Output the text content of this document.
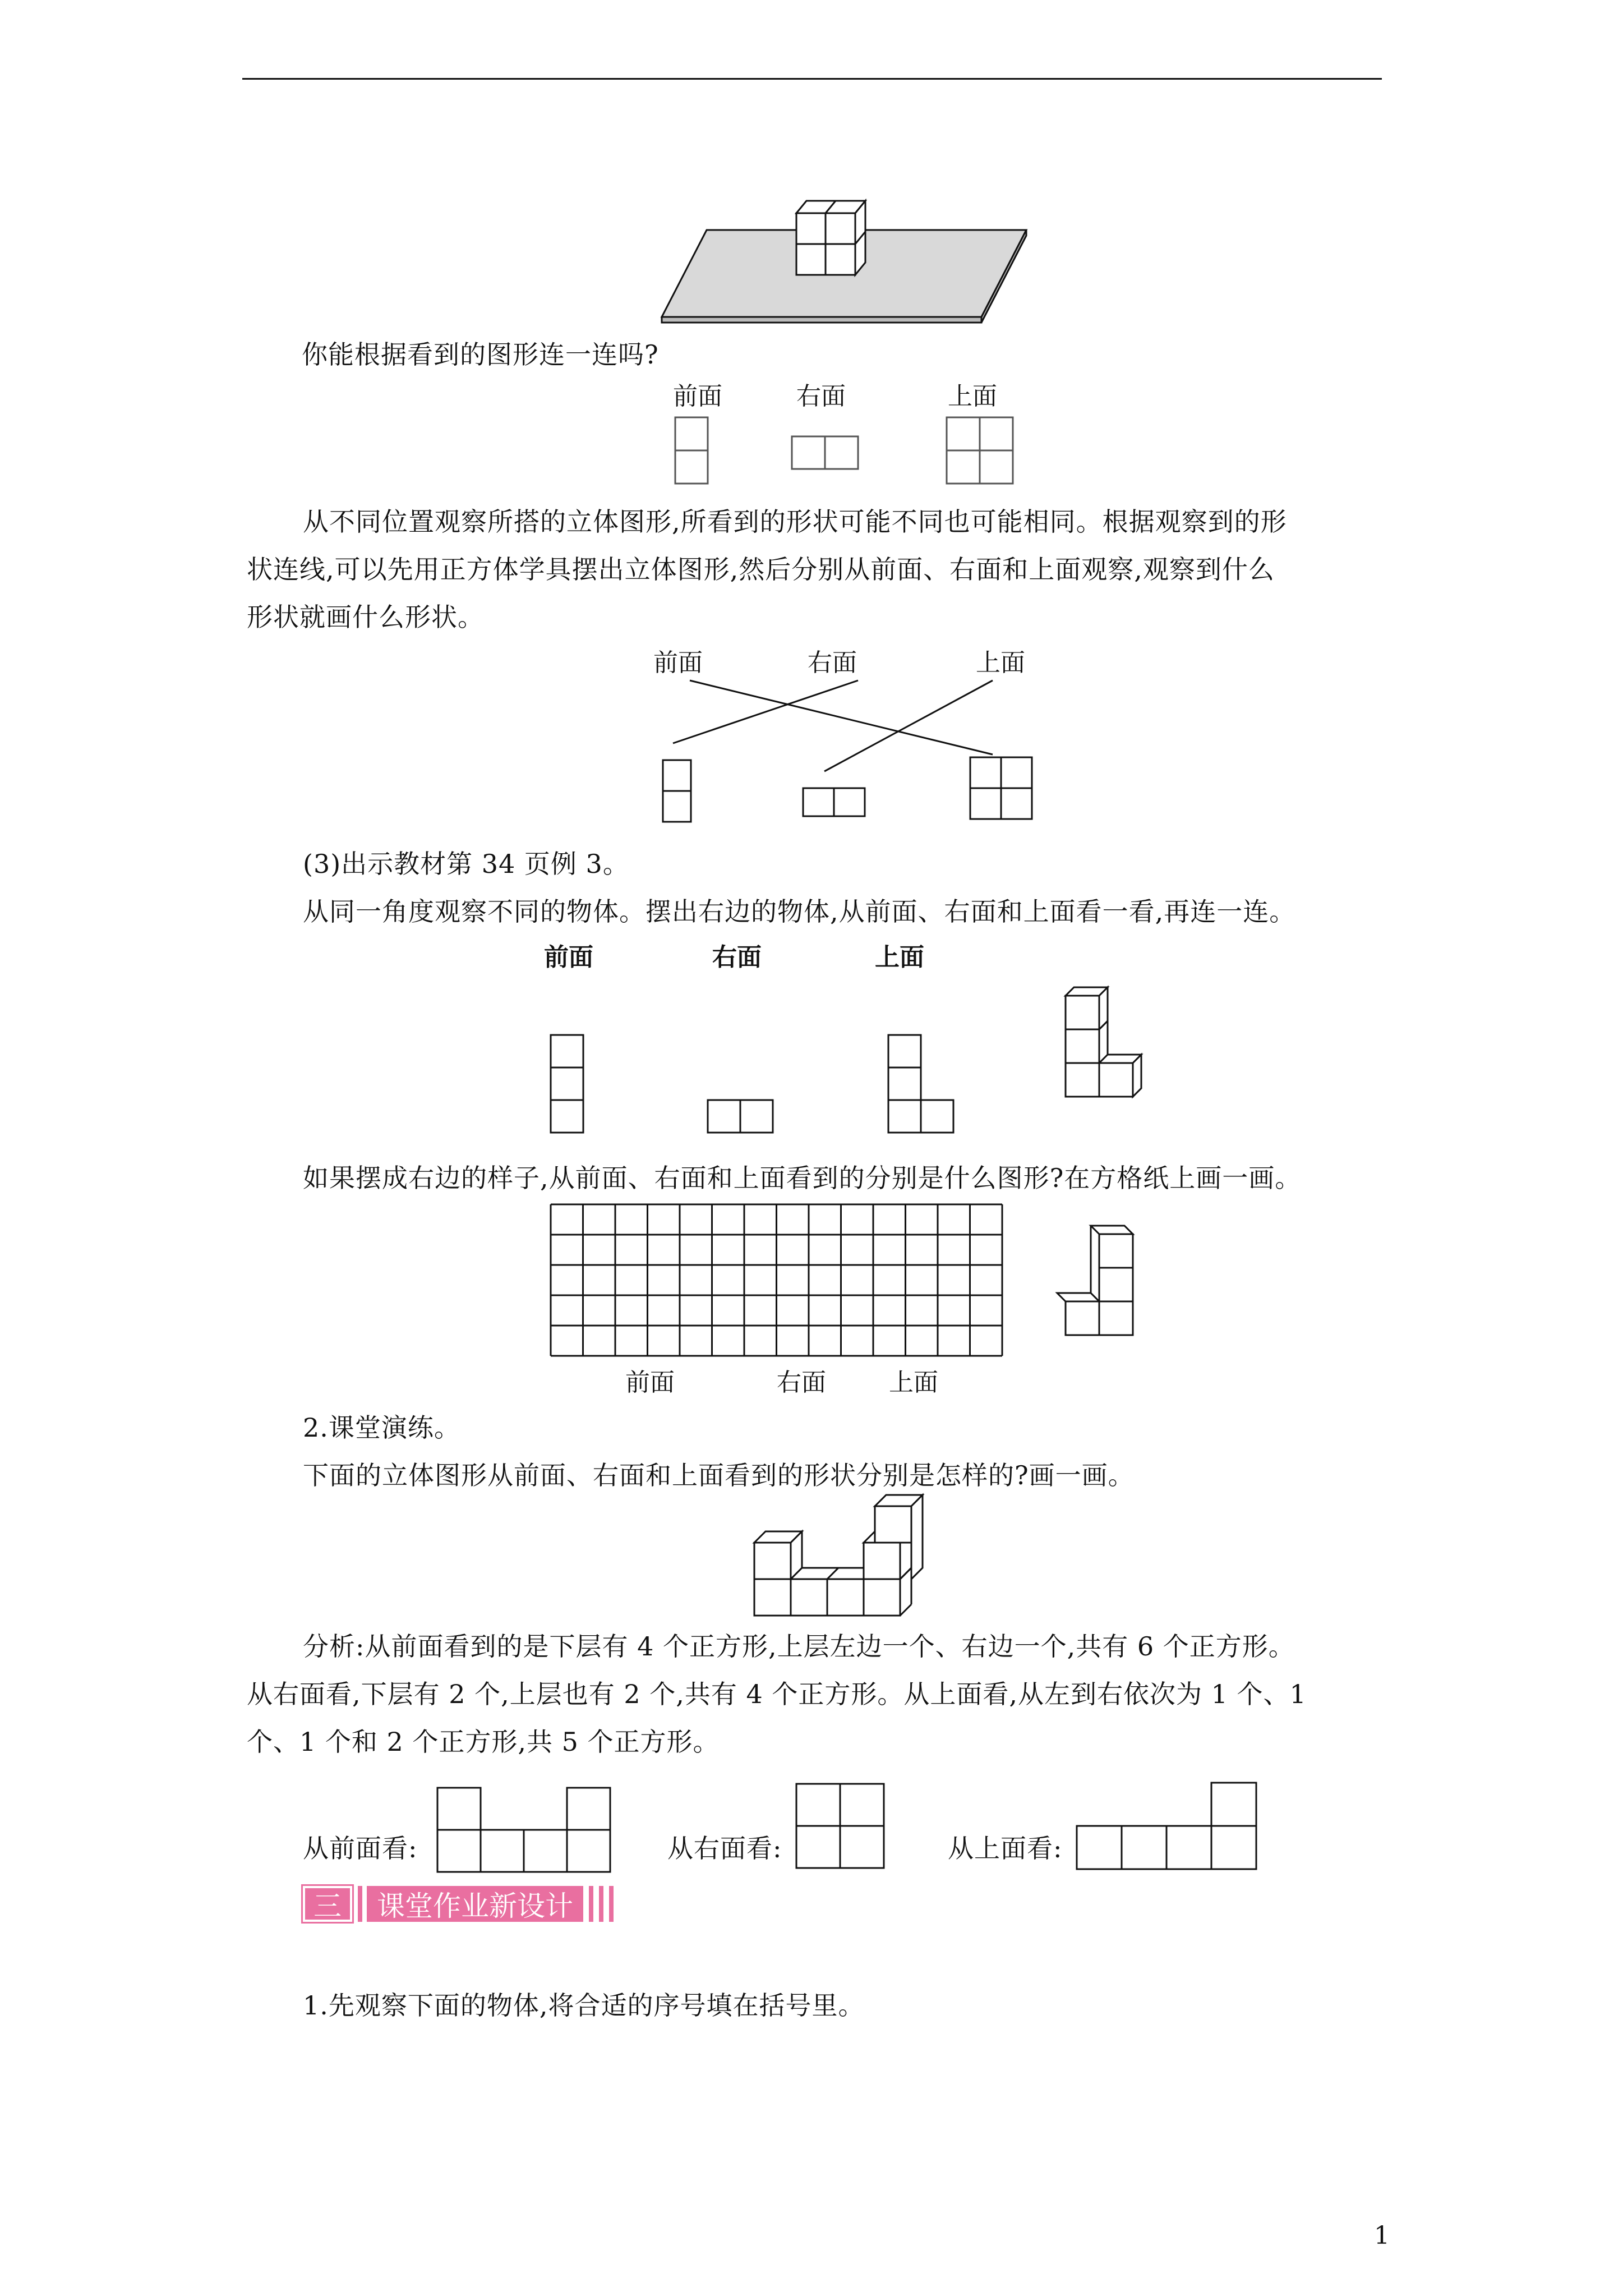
你能根据看到的图形连一连吗?
前面	右面	上面
从不同位置观察所搭的立体图形,所看到的形状可能不同也可能相同。根据观察到的形
状连线,可以先用正方体学具摆出立体图形,然后分别从前面、右面和上面观察,观察到什么
形状就画什么形状。
前面	右面	上面
(3)出示教材第 34 页例 3。
从同一角度观察不同的物体。摆出右边的物体,从前面、右面和上面看一看,再连一连。
前面	右面	上面
如果摆成右边的样子,从前面、右面和上面看到的分别是什么图形?在方格纸上画一画。
前面	右面	上面
2.课堂演练。
下面的立体图形从前面、右面和上面看到的形状分别是怎样的?画一画。
分析:从前面看到的是下层有 4 个正方形,上层左边一个、右边一个,共有 6 个正方形。
从右面看,下层有 2 个,上层也有 2 个,共有 4 个正方形。从上面看,从左到右依次为 1 个、1
个、1 个和 2 个正方形,共 5 个正方形。
从前面看:	从右面看:	从上面看:
三	课堂作业新设计
1.先观察下面的物体,将合适的序号填在括号里。
1
